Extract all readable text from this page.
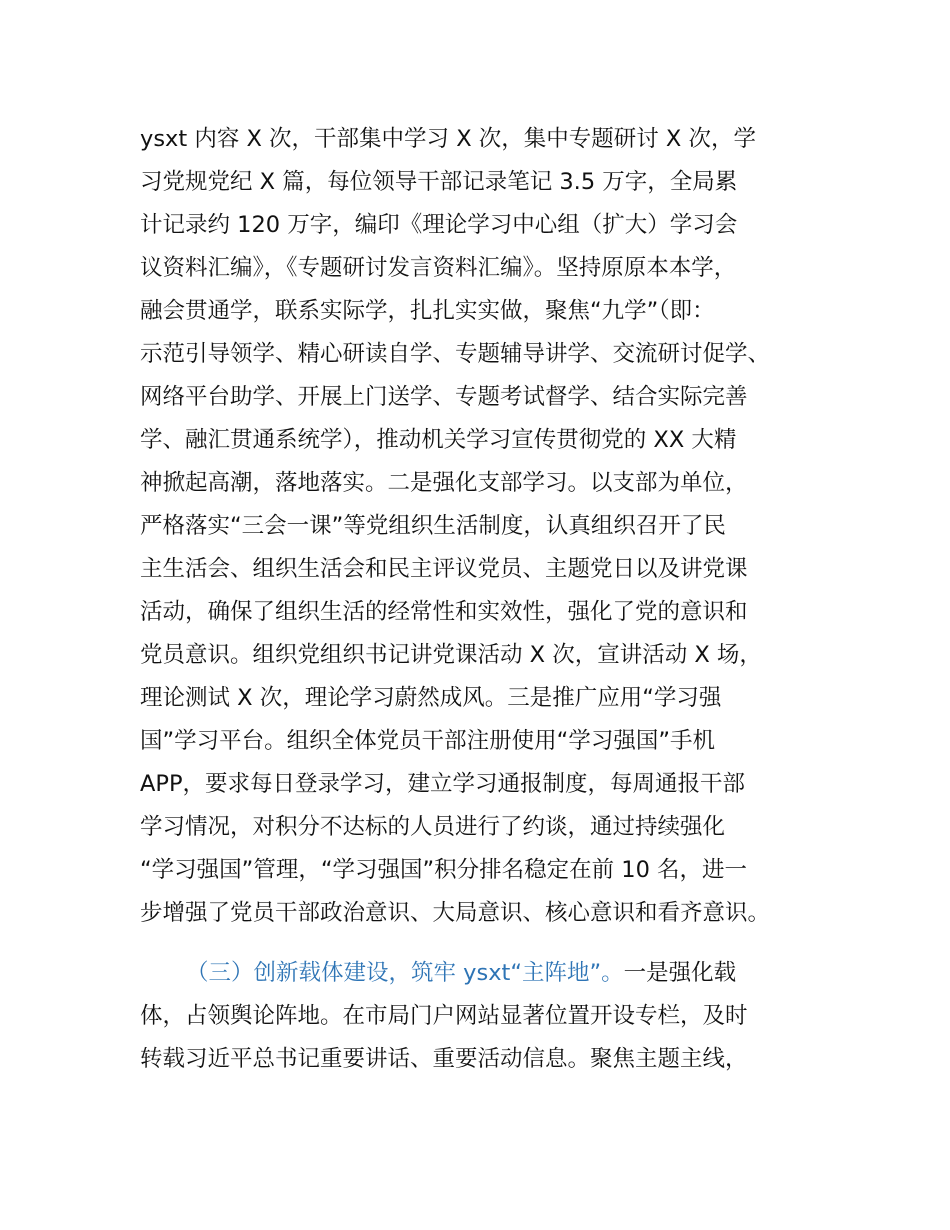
ysxt 内容 X 次，干部集中学习 X 次，集中专题研讨 X 次，学
习党规党纪 X 篇，每位领导干部记录笔记 3.5 万字，全局累
计记录约 120 万字，编印《理论学习中心组（扩大）学习会
议资料汇编》，《专题研讨发言资料汇编》。坚持原原本本学，
融会贯通学，联系实际学，扎扎实实做，聚焦“九学”（即：
示范引导领学、精心研读自学、专题辅导讲学、交流研讨促学、
网络平台助学、开展上门送学、专题考试督学、结合实际完善
学、融汇贯通系统学），推动机关学习宣传贯彻党的 XX 大精
神掀起高潮，落地落实。二是强化支部学习。以支部为单位，
严格落实“三会一课”等党组织生活制度，认真组织召开了民
主生活会、组织生活会和民主评议党员、主题党日以及讲党课
活动，确保了组织生活的经常性和实效性，强化了党的意识和
党员意识。组织党组织书记讲党课活动 X 次，宣讲活动 X 场，
理论测试 X 次，理论学习蔚然成风。三是推广应用“学习强
国”学习平台。组织全体党员干部注册使用“学习强国”手机
APP，要求每日登录学习，建立学习通报制度，每周通报干部
学习情况，对积分不达标的人员进行了约谈，通过持续强化
“学习强国”管理，“学习强国”积分排名稳定在前 10 名，进一
步增强了党员干部政治意识、大局意识、核心意识和看齐意识。
（三）创新载体建设，筑牢 ysxt“主阵地”。一是强化载
体，占领舆论阵地。在市局门户网站显著位置开设专栏，及时
转载习近平总书记重要讲话、重要活动信息。聚焦主题主线，
